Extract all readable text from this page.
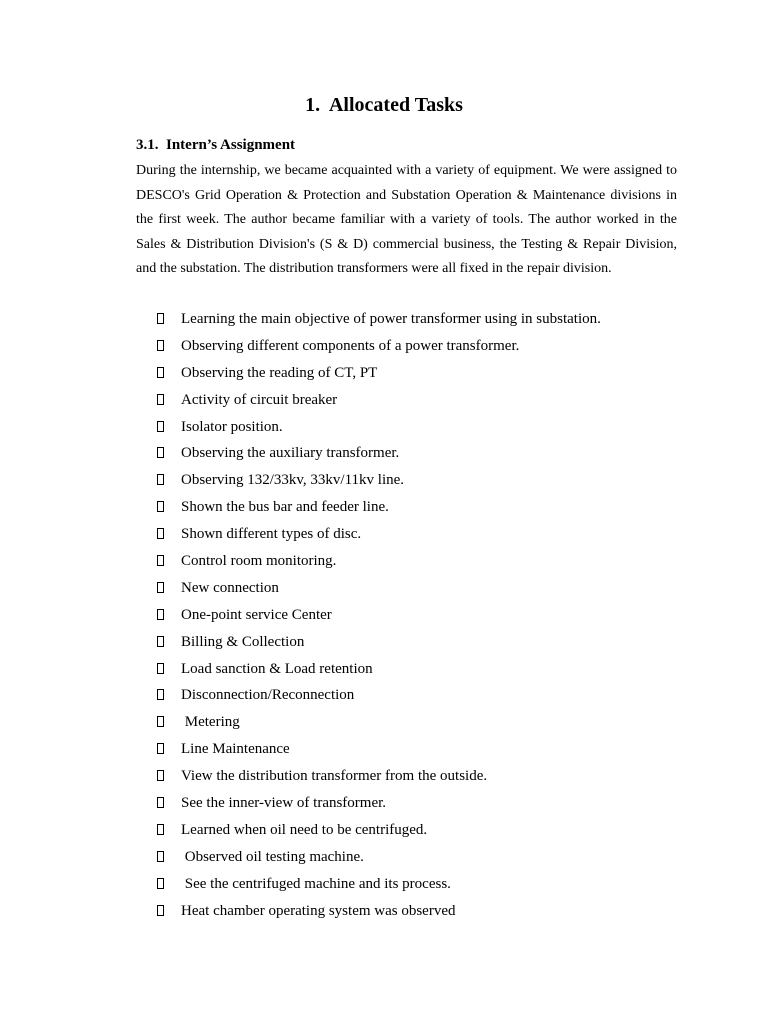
1.  Allocated Tasks
3.1.  Intern’s Assignment

During the internship, we became acquainted with a variety of equipment. We were assigned to DESCO's Grid Operation & Protection and Substation Operation & Maintenance divisions in the first week. The author became familiar with a variety of tools. The author worked in the Sales & Distribution Division's (S & D) commercial business, the Testing & Repair Division, and the substation. The distribution transformers were all fixed in the repair division.

Learning the main objective of power transformer using in substation.
Observing different components of a power transformer.
Observing the reading of CT, PT
Activity of circuit breaker
Isolator position.
Observing the auxiliary transformer.
Observing 132/33kv, 33kv/11kv line.
Shown the bus bar and feeder line.
Shown different types of disc.
Control room monitoring.
New connection
One-point service Center
Billing & Collection
Load sanction & Load retention
Disconnection/Reconnection
Metering
Line Maintenance
View the distribution transformer from the outside.
See the inner-view of transformer.
Learned when oil need to be centrifuged.
Observed oil testing machine.
See the centrifuged machine and its process.
Heat chamber operating system was observed
